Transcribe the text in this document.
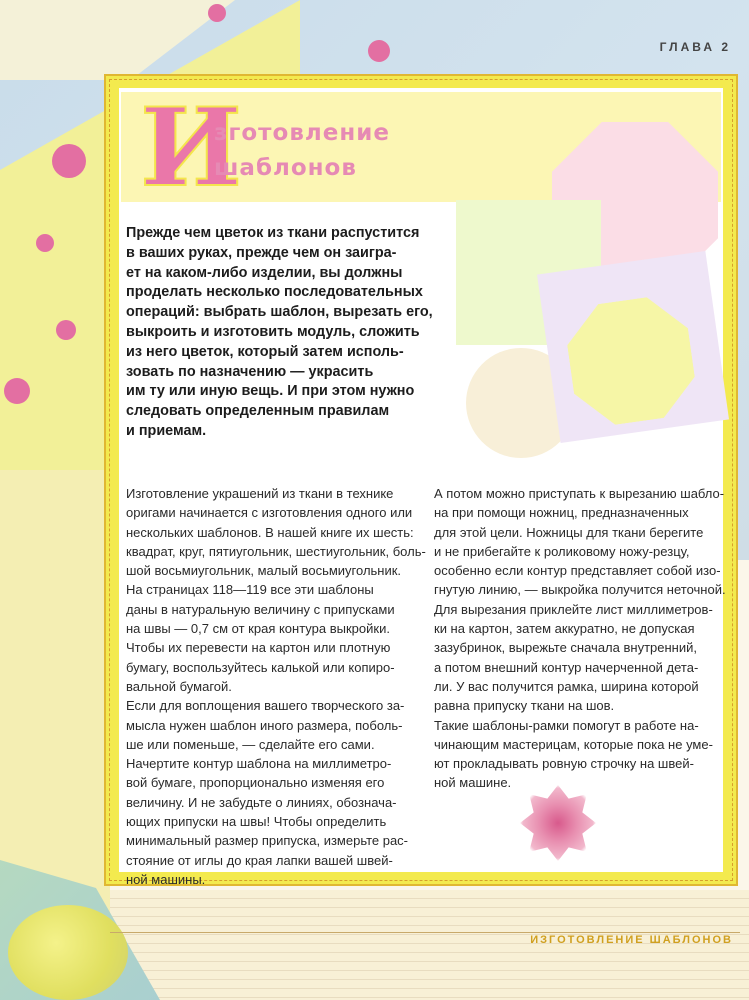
ГЛАВА 2
И
зготовление
шаблонов
Прежде чем цветок из ткани распустится
в ваших руках, прежде чем он заигра-
ет на каком-либо изделии, вы должны
проделать несколько последовательных
операций: выбрать шаблон, вырезать его,
выкроить и изготовить модуль, сложить
из него цветок, который затем исполь-
зовать по назначению — украсить
им ту или иную вещь. И при этом нужно
следовать определенным правилам
и приемам.
Изготовление украшений из ткани в технике
оригами начинается с изготовления одного или
нескольких шаблонов. В нашей книге их шесть:
квадрат, круг, пятиугольник, шестиугольник, боль-
шой восьмиугольник, малый восьмиугольник.
На страницах 118—119 все эти шаблоны
даны в натуральную величину с припусками
на швы — 0,7 см от края контура выкройки.
Чтобы их перевести на картон или плотную
бумагу, воспользуйтесь калькой или копиро-
вальной бумагой.
Если для воплощения вашего творческого за-
мысла нужен шаблон иного размера, поболь-
ше или поменьше, — сделайте его сами.
Начертите контур шаблона на миллиметро-
вой бумаге, пропорционально изменяя его
величину. И не забудьте о линиях, обознача-
ющих припуски на швы! Чтобы определить
минимальный размер припуска, измерьте рас-
стояние от иглы до края лапки вашей швей-
ной машины.
А потом можно приступать к вырезанию шабло-
на при помощи ножниц, предназначенных
для этой цели. Ножницы для ткани берегите
и не прибегайте к роликовому ножу-резцу,
особенно если контур представляет собой изо-
гнутую линию, — выкройка получится неточной.
Для вырезания приклейте лист миллиметров-
ки на картон, затем аккуратно, не допуская
зазубринок, вырежьте сначала внутренний,
а потом внешний контур начерченной дета-
ли. У вас получится рамка, ширина которой
равна припуску ткани на шов.
Такие шаблоны-рамки помогут в работе на-
чинающим мастерицам, которые пока не уме-
ют прокладывать ровную строчку на швей-
ной машине.
ИЗГОТОВЛЕНИЕ ШАБЛОНОВ
